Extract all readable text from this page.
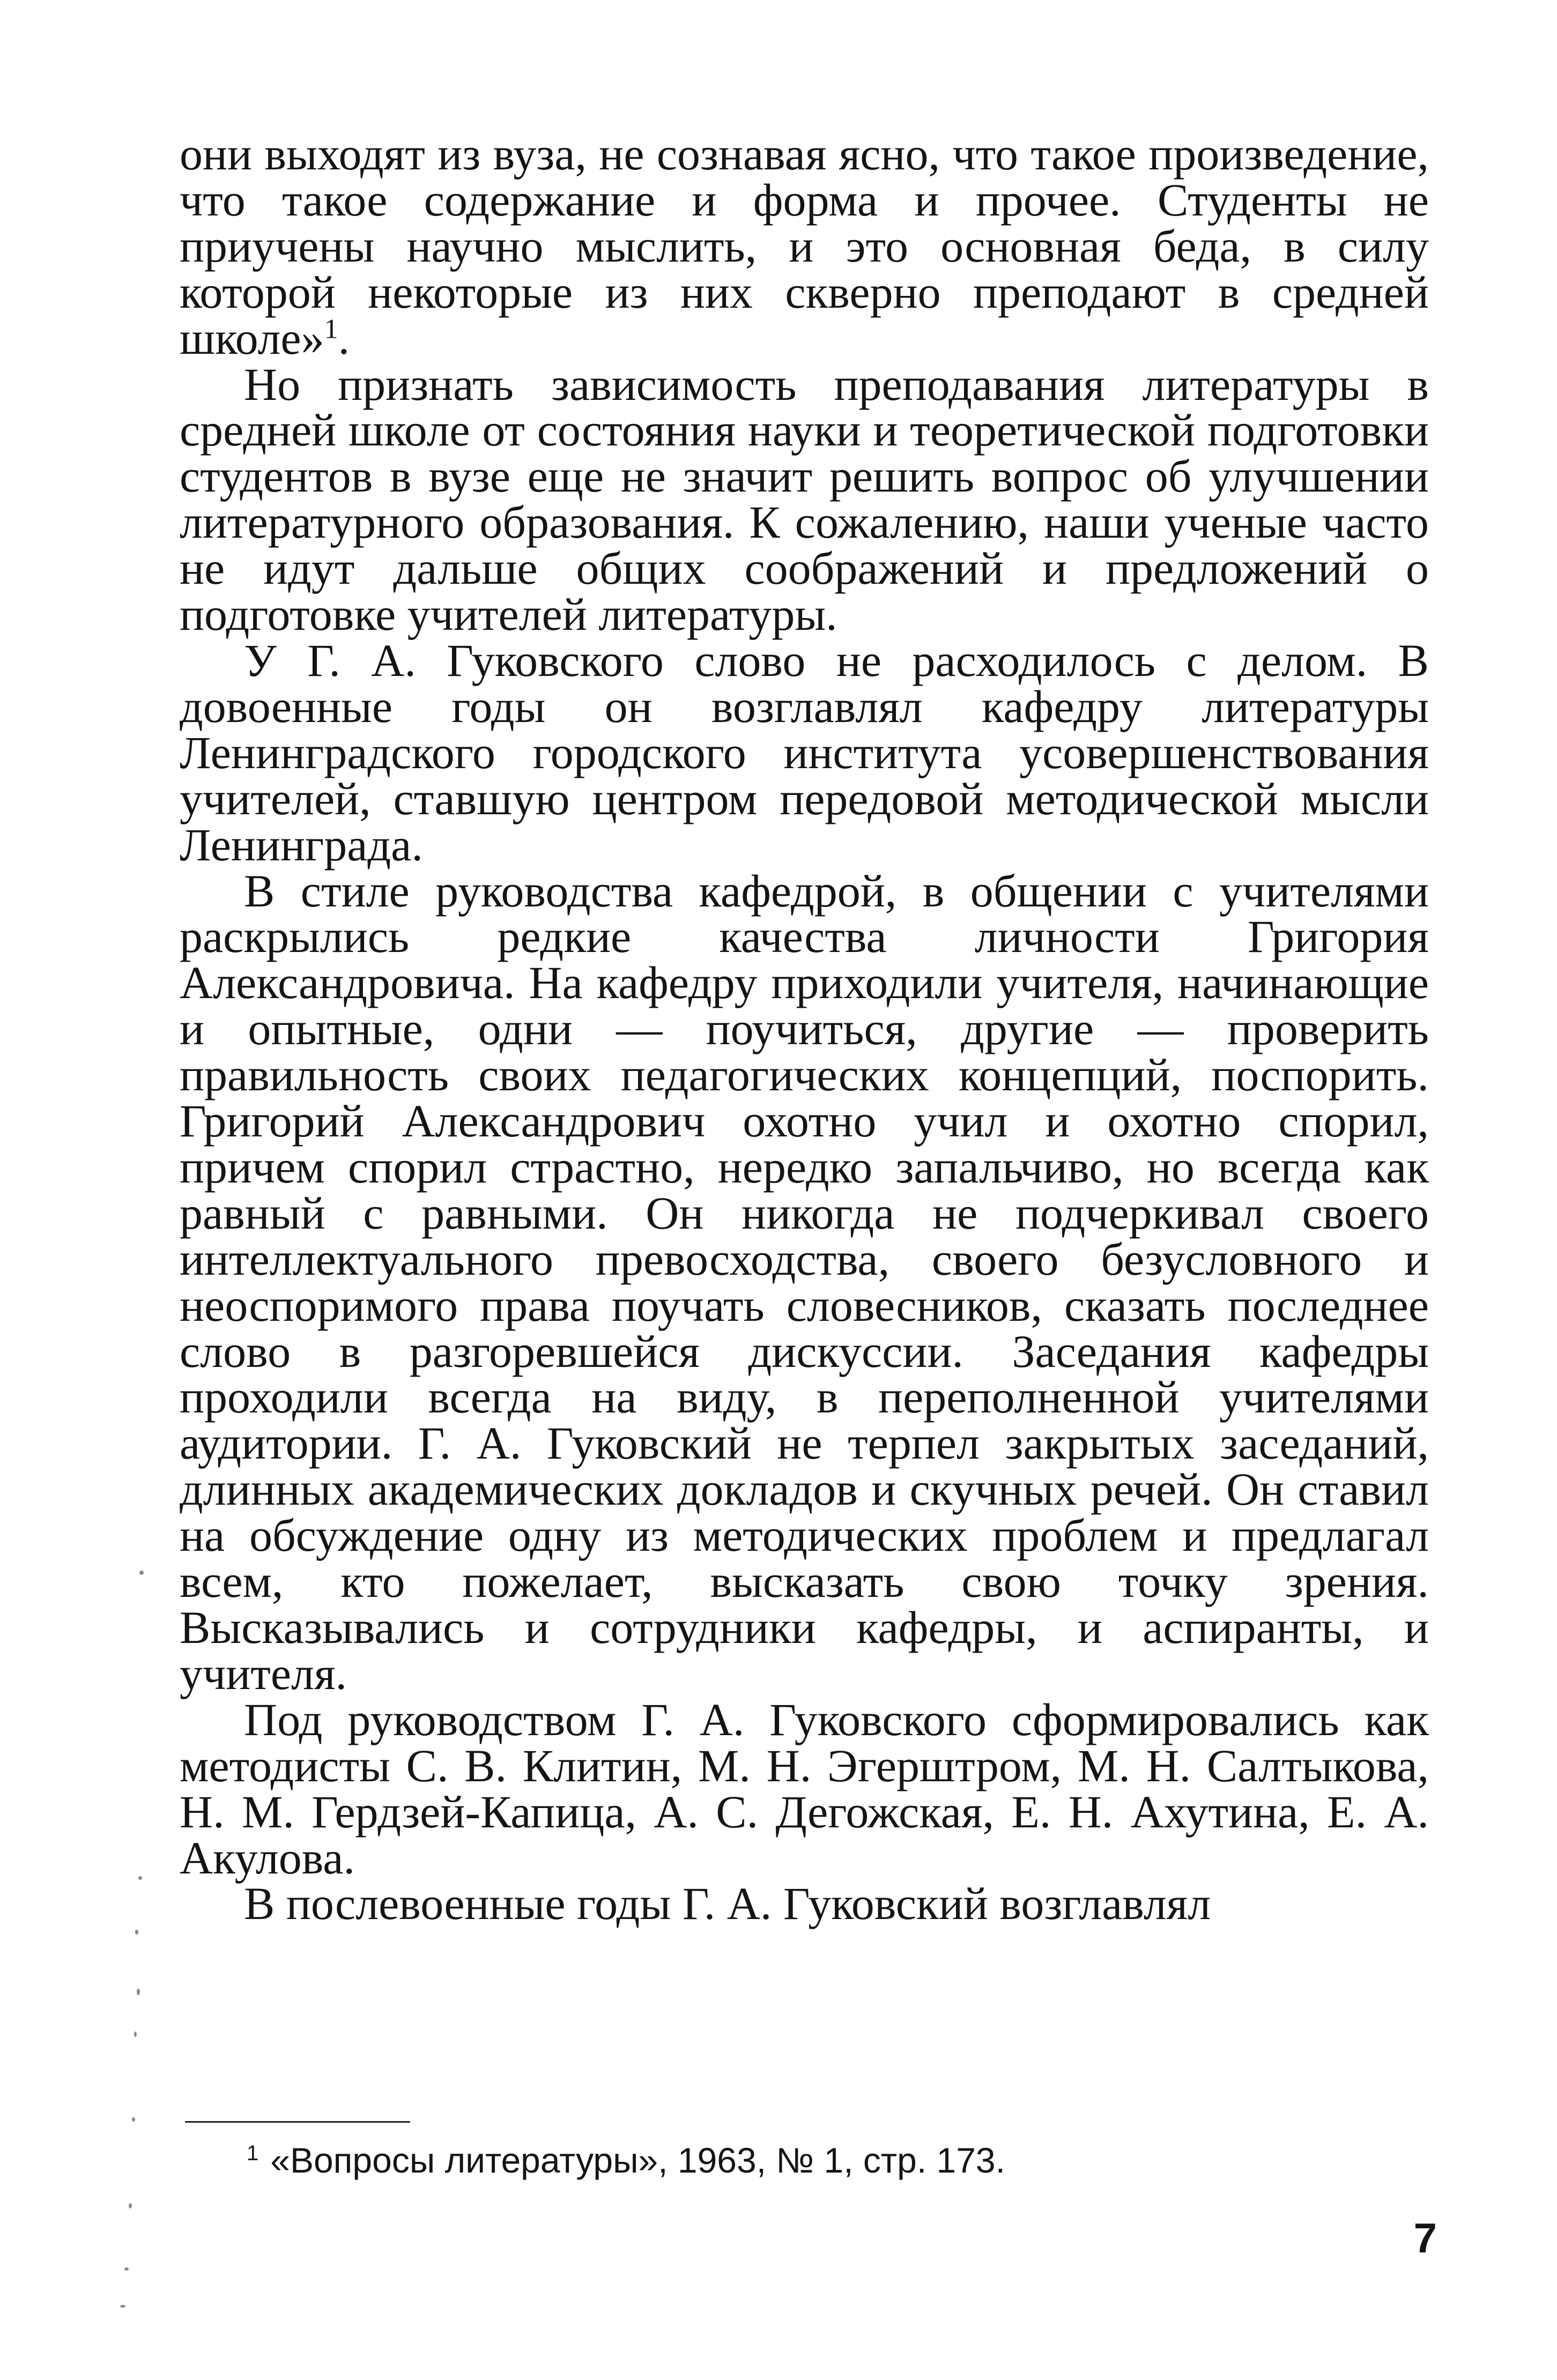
они выходят из вуза, не сознавая ясно, что такое произведение, что такое содержание и форма и прочее. Студенты не приучены научно мыслить, и это основная беда, в силу которой некоторые из них скверно преподают в средней школе»$^1$.

Но признать зависимость преподавания литературы в средней школе от состояния науки и теоретической подготовки студентов в вузе еще не значит решить вопрос об улучшении литературного образования. К сожалению, наши ученые часто не идут дальше общих соображений и предложений о подготовке учителей литературы.

У Г. А. Гуковского слово не расходилось с делом. В довоенные годы он возглавлял кафедру литературы Ленинградского городского института усовершенствования учителей, ставшую центром передовой методической мысли Ленинграда.

В стиле руководства кафедрой, в общении с учителями раскрылись редкие качества личности Григория Александровича. На кафедру приходили учителя, начинающие и опытные, одни — поучиться, другие — проверить правильность своих педагогических концепций, поспорить. Григорий Александрович охотно учил и охотно спорил, причем спорил страстно, нередко запальчиво, но всегда как равный с равными. Он никогда не подчеркивал своего интеллектуального превосходства, своего безусловного и неоспоримого права поучать словесников, сказать последнее слово в разгоревшейся дискуссии. Заседания кафедры проходили всегда на виду, в переполненной учителями аудитории. Г. А. Гуковский не терпел закрытых заседаний, длинных академических докладов и скучных речей. Он ставил на обсуждение одну из методических проблем и предлагал всем, кто пожелает, высказать свою точку зрения. Высказывались и сотрудники кафедры, и аспиранты, и учителя.

Под руководством Г. А. Гуковского сформировались как методисты С. В. Клитин, М. Н. Эгерштром, М. Н. Салтыкова, Н. М. Гердзей-Капица, А. С. Дегожская, Е. Н. Ахутина, Е. А. Акулова.

В послевоенные годы Г. А. Гуковский возглавлял

$^1$ «Вопросы литературы», 1963, № 1, стр. 173.
7
